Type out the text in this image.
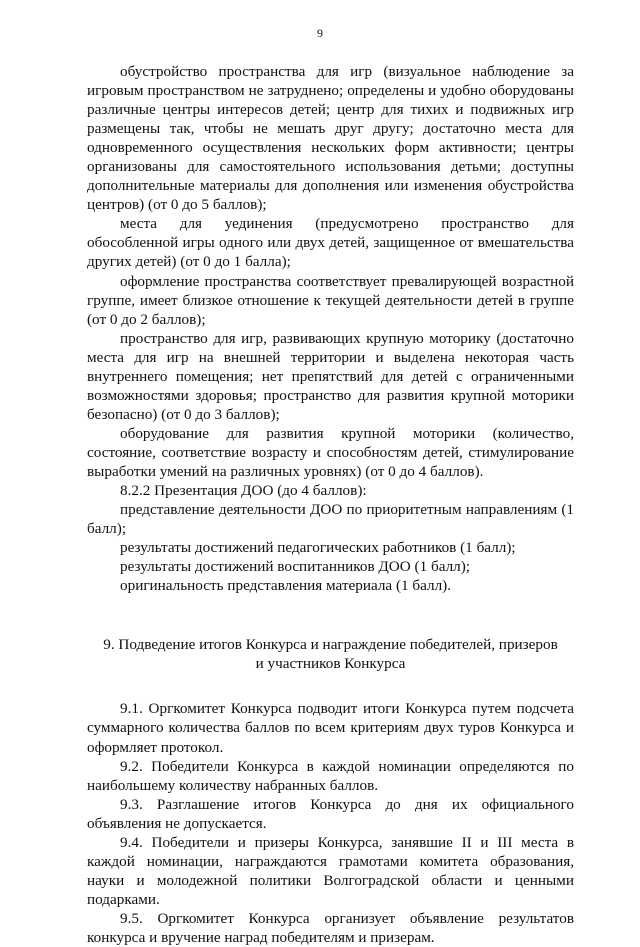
9

обустройство пространства для игр (визуальное наблюдение за игровым пространством не затруднено; определены и удобно оборудованы различные центры интересов детей; центр для тихих и подвижных игр размещены так, чтобы не мешать друг другу; достаточно места для одновременного осуществления нескольких форм активности; центры организованы для самостоятельного использования детьми; доступны дополнительные материалы для дополнения или изменения обустройства центров) (от 0 до 5 баллов);

места для уединения (предусмотрено пространство для обособленной игры одного или двух детей, защищенное от вмешательства других детей) (от 0 до 1 балла);

оформление пространства соответствует превалирующей возрастной группе, имеет близкое отношение к текущей деятельности детей в группе (от 0 до 2 баллов);

пространство для игр, развивающих крупную моторику (достаточно места для игр на внешней территории и выделена некоторая часть внутреннего помещения; нет препятствий для детей с ограниченными возможностями здоровья; пространство для развития крупной моторики безопасно) (от 0 до 3 баллов);

оборудование для развития крупной моторики (количество, состояние, соответствие возрасту и способностям детей, стимулирование выработки умений на различных уровнях) (от 0 до 4 баллов).

8.2.2 Презентация ДОО (до 4 баллов):

представление деятельности ДОО по приоритетным направлениям (1 балл);

результаты достижений педагогических работников (1 балл);

результаты достижений воспитанников ДОО (1 балл);

оригинальность представления материала (1 балл).

9. Подведение итогов Конкурса и награждение победителей, призеров
и участников Конкурса

9.1. Оргкомитет Конкурса подводит итоги Конкурса путем подсчета суммарного количества баллов по всем критериям двух туров Конкурса и оформляет протокол.

9.2. Победители Конкурса в каждой номинации определяются по наибольшему количеству набранных баллов.

9.3. Разглашение итогов Конкурса до дня их официального объявления не допускается.

9.4. Победители и призеры Конкурса, занявшие II и III места в каждой номинации, награждаются грамотами комитета образования, науки и молодежной политики Волгоградской области и ценными подарками.

9.5. Оргкомитет Конкурса организует объявление результатов конкурса и вручение наград победителям и призерам.
